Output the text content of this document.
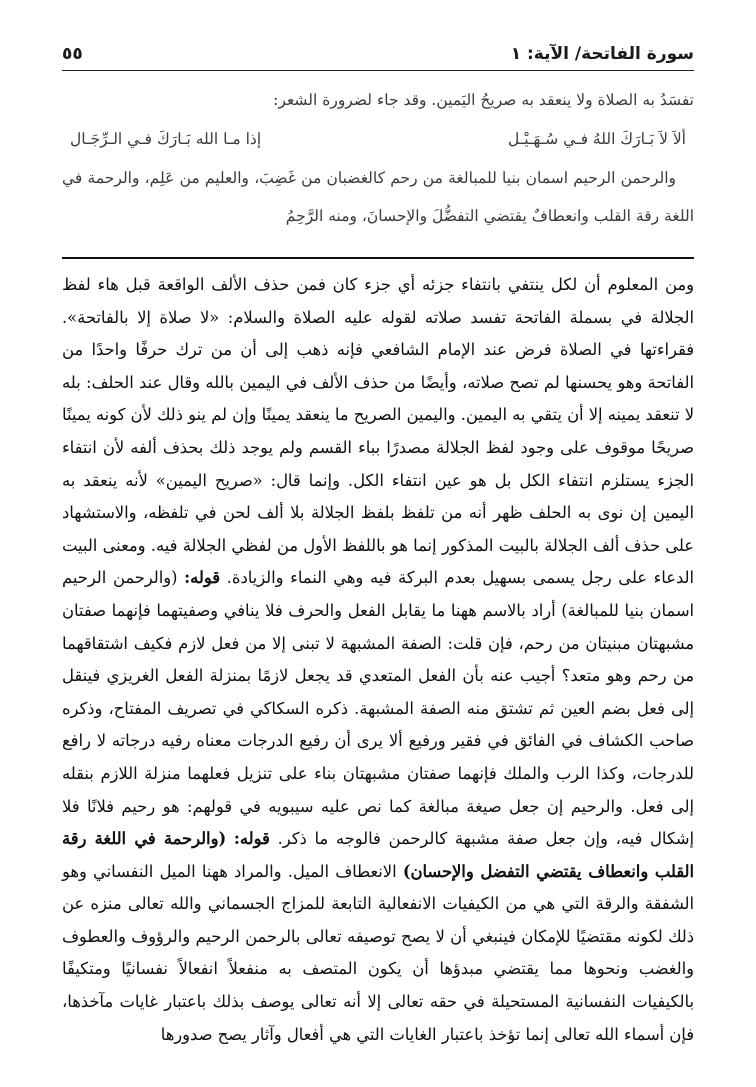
سورة الفاتحة/ الآية: ١
٥٥

تفسَدُ به الصلاة ولا ينعقد به صريحُ اليَمين. وقد جاء لضرورة الشعر:

ألاَ لاَ بَـارَكَ اللهُ فـي سُـهَـيْـل
إذا مـا الله بَـارَكَ فـي الـرِّجَـال

والرحمن الرحيم اسمان بنيا للمبالغة من رحم كالغضبان من غَضِبَ، والعليم من عَلِم، والرحمة في اللغة رقة القلب وانعطافٌ يقتضي التفضُّلَ والإحسانَ، ومنه الرَّحِمُ

ومن المعلوم أن لكل ينتفي بانتفاء جزئه أي جزء كان فمن حذف الألف الواقعة قبل هاء لفظ الجلالة في بسملة الفاتحة تفسد صلاته لقوله عليه الصلاة والسلام: «لا صلاة إلا بالفاتحة». فقراءتها في الصلاة فرض عند الإمام الشافعي فإنه ذهب إلى أن من ترك حرفًا واحدًا من الفاتحة وهو يحسنها لم تصح صلاته، وأيضًا من حذف الألف في اليمين بالله وقال عند الحلف: بله لا تنعقد يمينه إلا أن يتقي به اليمين. واليمين الصريح ما ينعقد يمينًا وإن لم ينو ذلك لأن كونه يمينًا صريحًا موقوف على وجود لفظ الجلالة مصدرًا بباء القسم ولم يوجد ذلك بحذف ألفه لأن انتفاء الجزء يستلزم انتفاء الكل بل هو عين انتفاء الكل. وإنما قال: «صريح اليمين» لأنه ينعقد به اليمين إن نوى به الحلف ظهر أنه من تلفظ بلفظ الجلالة بلا ألف لحن في تلفظه، والاستشهاد على حذف ألف الجلالة بالبيت المذكور إنما هو باللفظ الأول من لفظي الجلالة فيه. ومعنى البيت الدعاء على رجل يسمى بسهيل بعدم البركة فيه وهي النماء والزيادة. قوله: (والرحمن الرحيم اسمان بنيا للمبالغة) أراد بالاسم ههنا ما يقابل الفعل والحرف فلا ينافي وصفيتهما فإنهما صفتان مشبهتان مبنيتان من رحم، فإن قلت: الصفة المشبهة لا تبنى إلا من فعل لازم فكيف اشتقاقهما من رحم وهو متعد؟ أجيب عنه بأن الفعل المتعدي قد يجعل لازمًا بمنزلة الفعل الغريزي فينقل إلى فعل بضم العين ثم تشتق منه الصفة المشبهة. ذكره السكاكي في تصريف المفتاح، وذكره صاحب الكشاف في الفائق في فقير ورفيع ألا يرى أن رفيع الدرجات معناه رفيه درجاته لا رافع للدرجات، وكذا الرب والملك فإنهما صفتان مشبهتان بناء على تنزيل فعلهما منزلة اللازم بنقله إلى فعل. والرحيم إن جعل صيغة مبالغة كما نص عليه سيبويه في قولهم: هو رحيم فلانًا فلا إشكال فيه، وإن جعل صفة مشبهة كالرحمن فالوجه ما ذكر. قوله: (والرحمة في اللغة رقة القلب وانعطاف يقتضي التفضل والإحسان) الانعطاف الميل. والمراد ههنا الميل النفساني وهو الشفقة والرقة التي هي من الكيفيات الانفعالية التابعة للمزاج الجسماني والله تعالى منزه عن ذلك لكونه مقتضيًا للإمكان فينبغي أن لا يصح توصيفه تعالى بالرحمن الرحيم والرؤوف والعطوف والغضب ونحوها مما يقتضي مبدؤها أن يكون المتصف به منفعلاً انفعالاً نفسانيًا ومتكيفًا بالكيفيات النفسانية المستحيلة في حقه تعالى إلا أنه تعالى يوصف بذلك باعتبار غايات مآخذها، فإن أسماء الله تعالى إنما تؤخذ باعتبار الغايات التي هي أفعال وآثار يصح صدورها
